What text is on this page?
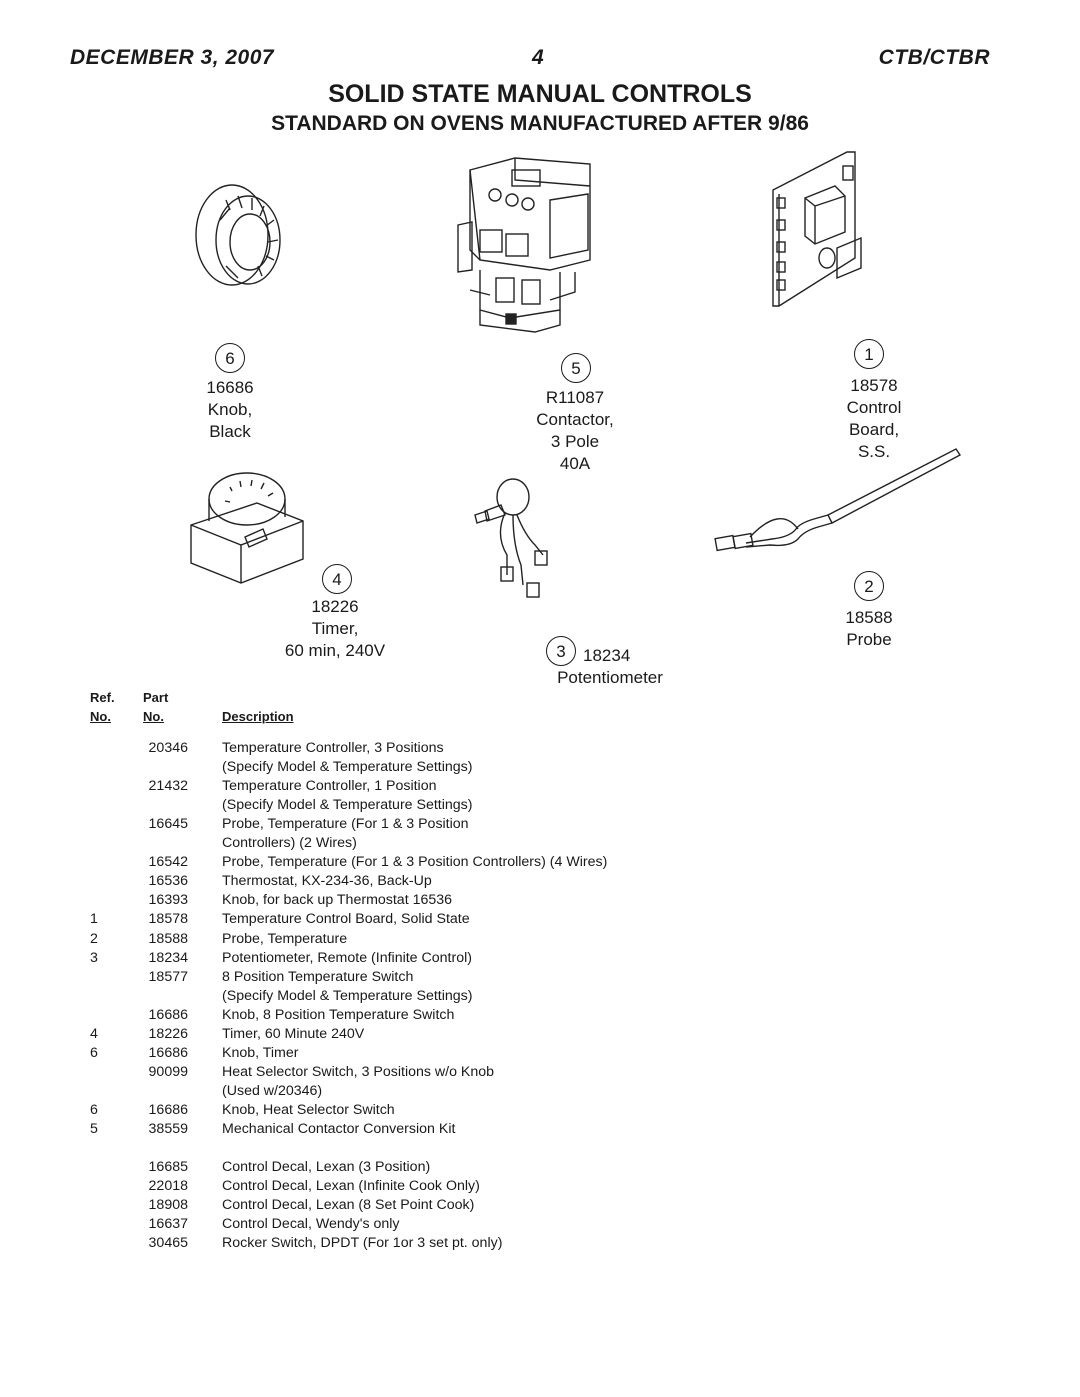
DECEMBER 3, 2007	4	CTB/CTBR
SOLID STATE MANUAL CONTROLS
STANDARD ON OVENS MANUFACTURED AFTER 9/86
6
16686
Knob,
Black
5
R11087
Contactor,
3 Pole
40A
1
18578
Control
Board,
S.S.
4
18226
Timer,
60 min, 240V	3	18234
Potentiometer
2
18588
Probe
Ref.
No.
Part
No.	Description
20346 Temperature Controller, 3 Positions
(Specify Model & Temperature Settings)
21432 Temperature Controller, 1 Position
(Specify Model & Temperature Settings)
16645 Probe, Temperature (For 1 & 3 Position
Controllers) (2 Wires)
16542 Probe, Temperature (For 1 & 3 Position Controllers) (4 Wires)
16536 Thermostat, KX-234-36, Back-Up
16393 Knob, for back up Thermostat 16536
1	18578 Temperature Control Board, Solid State
2	18588 Probe, Temperature
3	18234 Potentiometer, Remote (Infinite Control)
18577 8 Position Temperature Switch
(Specify Model & Temperature Settings)
16686 Knob, 8 Position Temperature Switch
4	18226 Timer, 60 Minute 240V
6	16686 Knob, Timer
90099 Heat Selector Switch, 3 Positions w/o Knob
(Used w/20346)
6	16686 Knob, Heat Selector Switch
5	38559 Mechanical Contactor Conversion Kit
16685 Control Decal, Lexan (3 Position)
22018 Control Decal, Lexan (Infinite Cook Only)
18908 Control Decal, Lexan (8 Set Point Cook)
16637 Control Decal, Wendy's only
30465 Rocker Switch, DPDT (For 1or 3 set pt. only)
